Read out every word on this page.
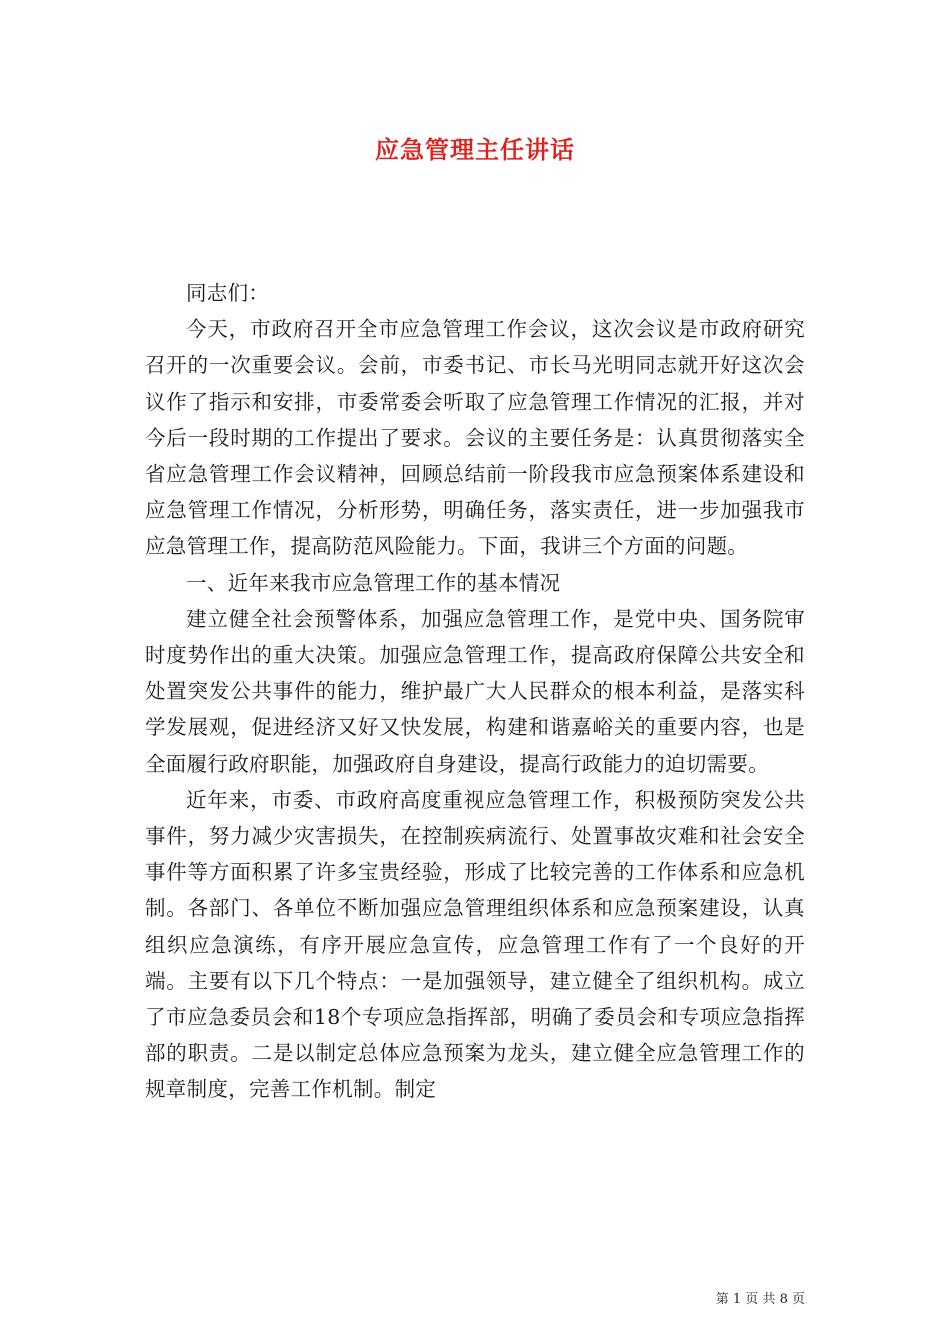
应急管理主任讲话

同志们：

今天，市政府召开全市应急管理工作会议，这次会议是市政府研究召开的一次重要会议。会前，市委书记、市长马光明同志就开好这次会议作了指示和安排，市委常委会听取了应急管理工作情况的汇报，并对今后一段时期的工作提出了要求。会议的主要任务是：认真贯彻落实全省应急管理工作会议精神，回顾总结前一阶段我市应急预案体系建设和应急管理工作情况，分析形势，明确任务，落实责任，进一步加强我市应急管理工作，提高防范风险能力。下面，我讲三个方面的问题。

一、近年来我市应急管理工作的基本情况

建立健全社会预警体系，加强应急管理工作，是党中央、国务院审时度势作出的重大决策。加强应急管理工作，提高政府保障公共安全和处置突发公共事件的能力，维护最广大人民群众的根本利益，是落实科学发展观，促进经济又好又快发展，构建和谐嘉峪关的重要内容，也是全面履行政府职能，加强政府自身建设，提高行政能力的迫切需要。

近年来，市委、市政府高度重视应急管理工作，积极预防突发公共事件，努力减少灾害损失，在控制疾病流行、处置事故灾难和社会安全事件等方面积累了许多宝贵经验，形成了比较完善的工作体系和应急机制。各部门、各单位不断加强应急管理组织体系和应急预案建设，认真组织应急演练，有序开展应急宣传，应急管理工作有了一个良好的开端。主要有以下几个特点：一是加强领导，建立健全了组织机构。成立了市应急委员会和18个专项应急指挥部，明确了委员会和专项应急指挥部的职责。二是以制定总体应急预案为龙头，建立健全应急管理工作的规章制度，完善工作机制。制定

第 1 页 共 8 页
